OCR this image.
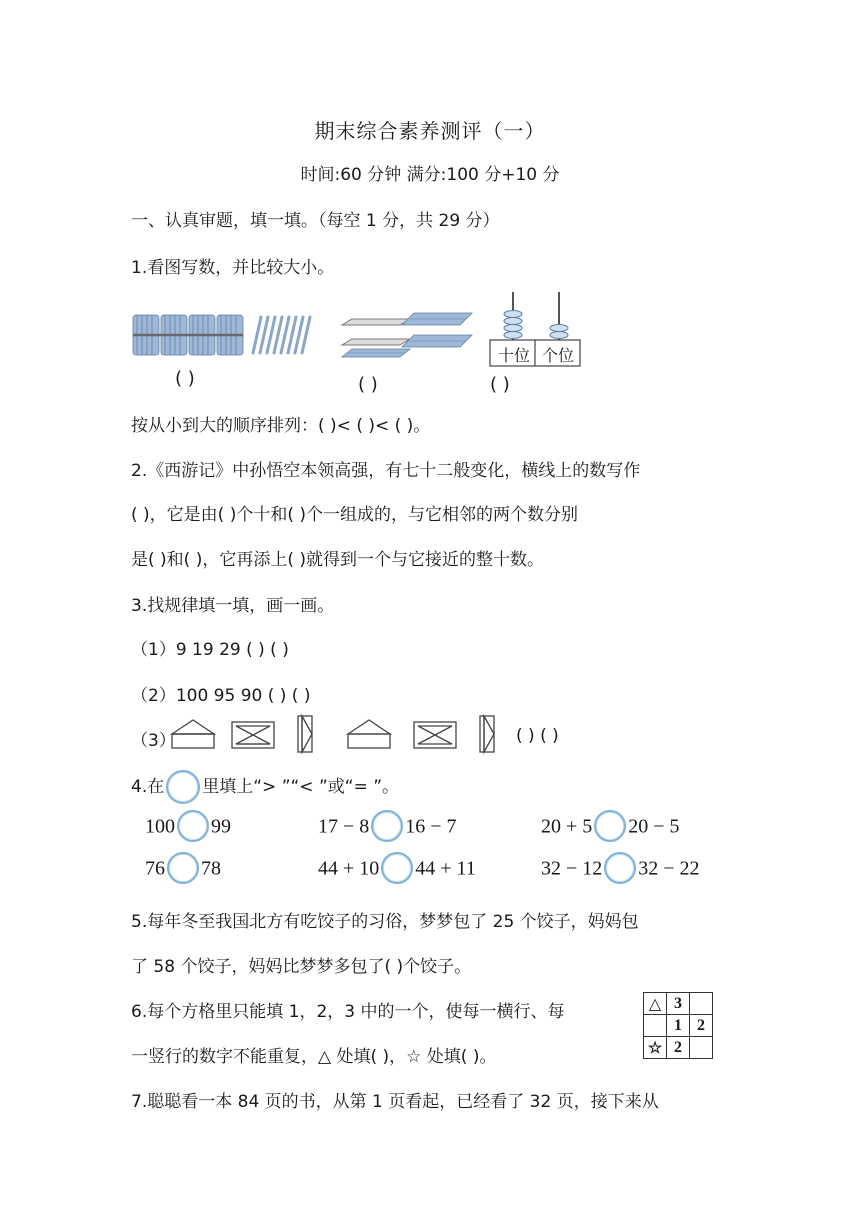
期末综合素养测评（一）
时间:60 分钟 满分:100 分+10 分
一、认真审题，填一填。（每空 1 分，共 29 分）
1.看图写数，并比较大小。
( )	( )
十位 个位
( )
按从小到大的顺序排列：( )< ( )< ( )。
2.《西游记》中孙悟空本领高强，有七十二般变化，横线上的数写作
( )，它是由( )个十和( )个一组成的，与它相邻的两个数分别
是( )和( )，它再添上( )就得到一个与它接近的整十数。
3.找规律填一填，画一画。
（1）9 19 29 ( ) ( )
（2）100 95 90 ( ) ( )
（3）	( ) ( )
4.在 里填上“> ”“< ”或“= ”。
100 99	17 − 8 16 − 7	20 + 5 20 − 5
76 78	44 + 10 44 + 11	32 − 12 32 − 22
5.每年冬至我国北方有吃饺子的习俗，梦梦包了 25 个饺子，妈妈包
了 58 个饺子，妈妈比梦梦多包了( )个饺子。
6.每个方格里只能填 1，2，3 中的一个，使每一横行、每
一竖行的数字不能重复，△ 处填( )，☆ 处填( )。
△	3	
	1	2
☆	2	
7.聪聪看一本 84 页的书，从第 1 页看起，已经看了 32 页，接下来从
